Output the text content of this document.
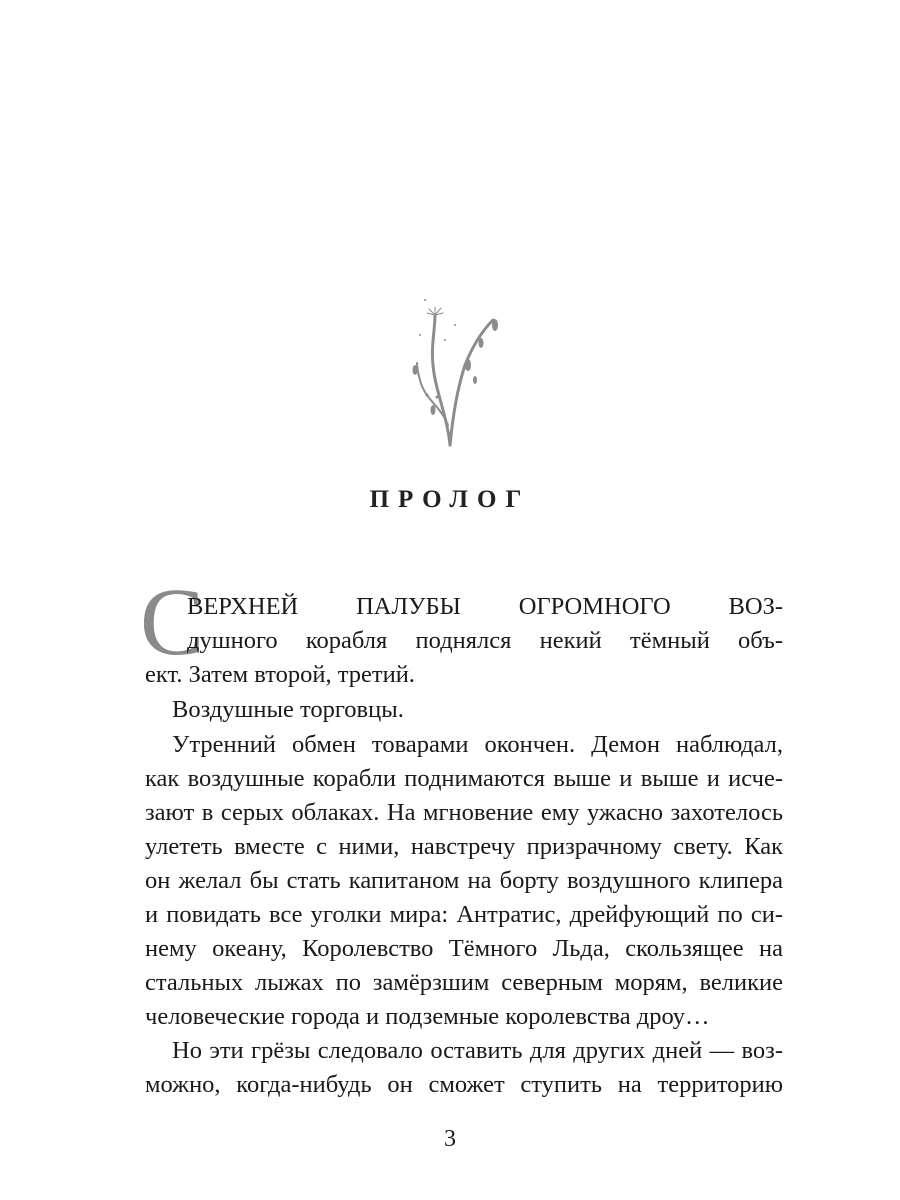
ПРОЛОГ
С
ВЕРХНЕЙ ПАЛУБЫ ОГРОМНОГО ВОЗ-
душного корабля поднялся некий тёмный объ-
ект. Затем второй, третий.
Воздушные торговцы.
Утренний обмен товарами окончен. Демон наблюдал,
как воздушные корабли поднимаются выше и выше и исче-
зают в серых облаках. На мгновение ему ужасно захотелось
улететь вместе с ними, навстречу призрачному свету. Как
он желал бы стать капитаном на борту воздушного клипера
и повидать все уголки мира: Антратис, дрейфующий по си-
нему океану, Королевство Тёмного Льда, скользящее на
стальных лыжах по замёрзшим северным морям, великие
человеческие города и подземные королевства дроу…
Но эти грёзы следовало оставить для других дней — воз-
можно, когда-нибудь он сможет ступить на территорию
3
